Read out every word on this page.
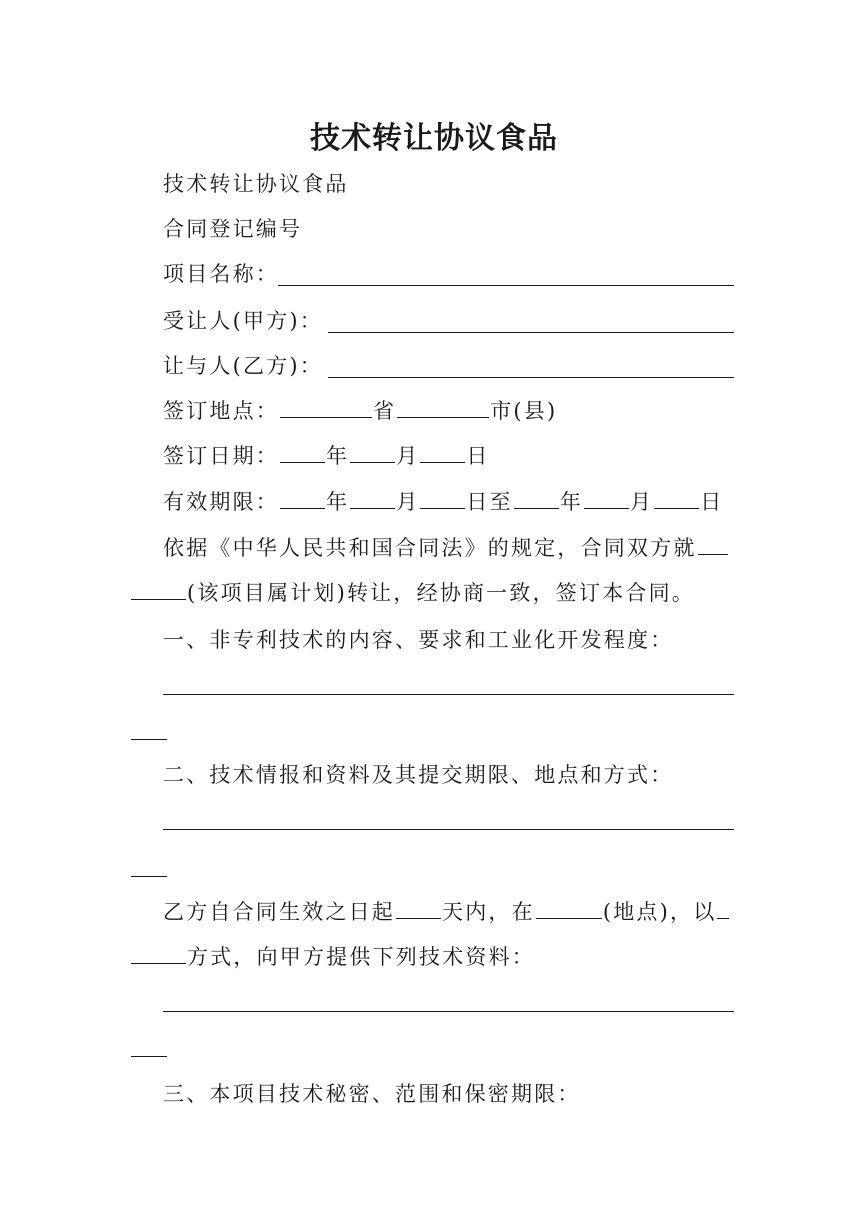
技术转让协议食品
技术转让协议食品
合同登记编号
项目名称：
受让人(甲方)：
让与人(乙方)：
签订地点：	省	市(县)
签订日期： 年 月 日
有效期限： 年 月 日至 年 月 日
依据《中华人民共和国合同法》的规定，合同双方就
(该项目属计划)转让，经协商一致，签订本合同。
一、非专利技术的内容、要求和工业化开发程度：
二、技术情报和资料及其提交期限、地点和方式：
乙方自合同生效之日起 天内，在	(地点)，以
方式，向甲方提供下列技术资料：
三、本项目技术秘密、范围和保密期限：
